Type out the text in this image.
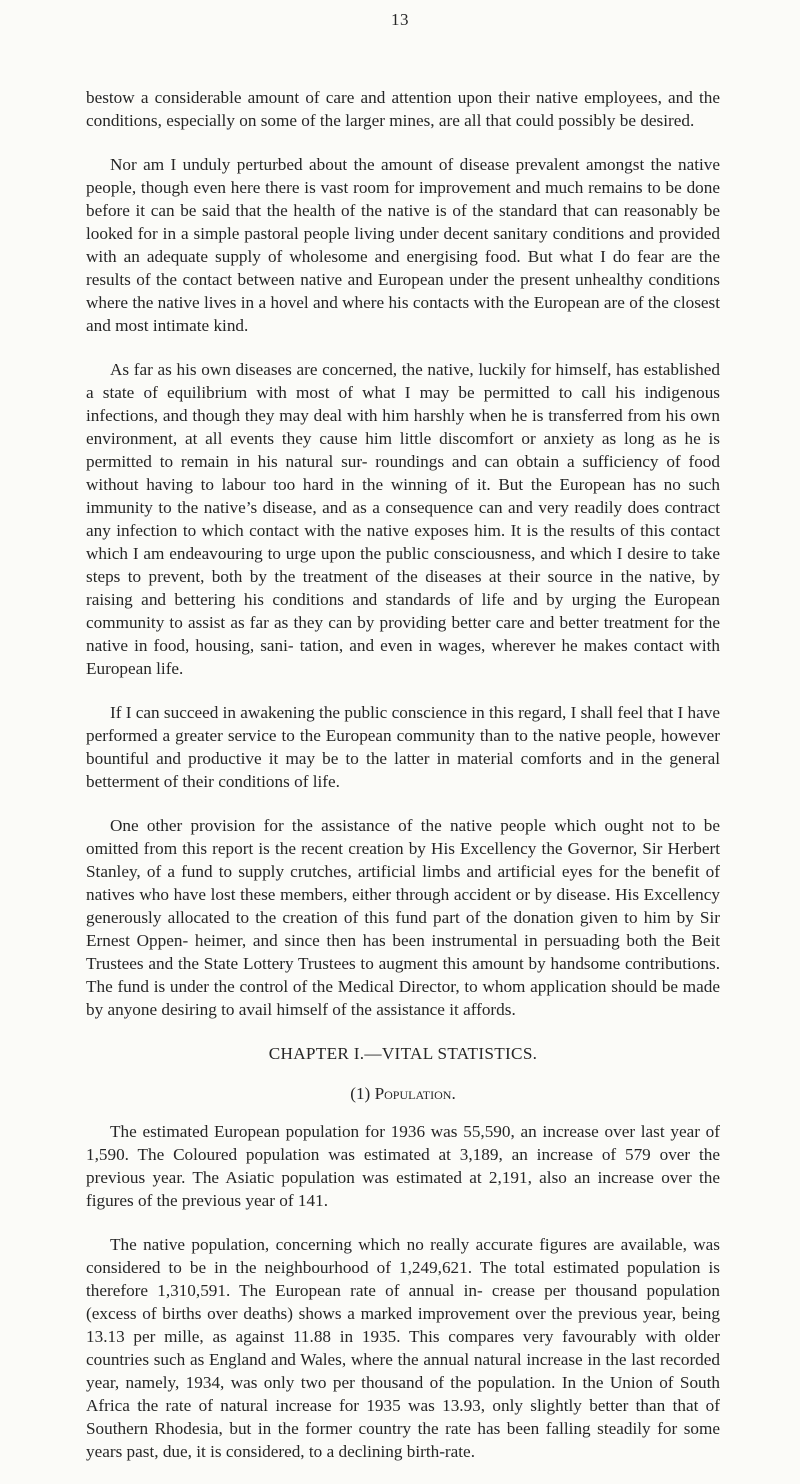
13

bestow a considerable amount of care and attention upon their native employees, and the conditions, especially on some of the larger mines, are all that could possibly be desired.

Nor am I unduly perturbed about the amount of disease prevalent amongst the native people, though even here there is vast room for improvement and much remains to be done before it can be said that the health of the native is of the standard that can reasonably be looked for in a simple pastoral people living under decent sanitary conditions and provided with an adequate supply of wholesome and energising food. But what I do fear are the results of the contact between native and European under the present unhealthy conditions where the native lives in a hovel and where his contacts with the European are of the closest and most intimate kind.

As far as his own diseases are concerned, the native, luckily for himself, has established a state of equilibrium with most of what I may be permitted to call his indigenous infections, and though they may deal with him harshly when he is transferred from his own environment, at all events they cause him little discomfort or anxiety as long as he is permitted to remain in his natural sur- roundings and can obtain a sufficiency of food without having to labour too hard in the winning of it. But the European has no such immunity to the native’s disease, and as a consequence can and very readily does contract any infection to which contact with the native exposes him. It is the results of this contact which I am endeavouring to urge upon the public consciousness, and which I desire to take steps to prevent, both by the treatment of the diseases at their source in the native, by raising and bettering his conditions and standards of life and by urging the European community to assist as far as they can by providing better care and better treatment for the native in food, housing, sani- tation, and even in wages, wherever he makes contact with European life.

If I can succeed in awakening the public conscience in this regard, I shall feel that I have performed a greater service to the European community than to the native people, however bountiful and productive it may be to the latter in material comforts and in the general betterment of their conditions of life.

One other provision for the assistance of the native people which ought not to be omitted from this report is the recent creation by His Excellency the Governor, Sir Herbert Stanley, of a fund to supply crutches, artificial limbs and artificial eyes for the benefit of natives who have lost these members, either through accident or by disease. His Excellency generously allocated to the creation of this fund part of the donation given to him by Sir Ernest Oppen- heimer, and since then has been instrumental in persuading both the Beit Trustees and the State Lottery Trustees to augment this amount by handsome contributions. The fund is under the control of the Medical Director, to whom application should be made by anyone desiring to avail himself of the assistance it affords.

CHAPTER I.—VITAL STATISTICS.
(1) Population.

The estimated European population for 1936 was 55,590, an increase over last year of 1,590. The Coloured population was estimated at 3,189, an increase of 579 over the previous year. The Asiatic population was estimated at 2,191, also an increase over the figures of the previous year of 141.

The native population, concerning which no really accurate figures are available, was considered to be in the neighbourhood of 1,249,621. The total estimated population is therefore 1,310,591. The European rate of annual in- crease per thousand population (excess of births over deaths) shows a marked improvement over the previous year, being 13.13 per mille, as against 11.88 in 1935. This compares very favourably with older countries such as England and Wales, where the annual natural increase in the last recorded year, namely, 1934, was only two per thousand of the population. In the Union of South Africa the rate of natural increase for 1935 was 13.93, only slightly better than that of Southern Rhodesia, but in the former country the rate has been falling steadily for some years past, due, it is considered, to a declining birth-rate.
